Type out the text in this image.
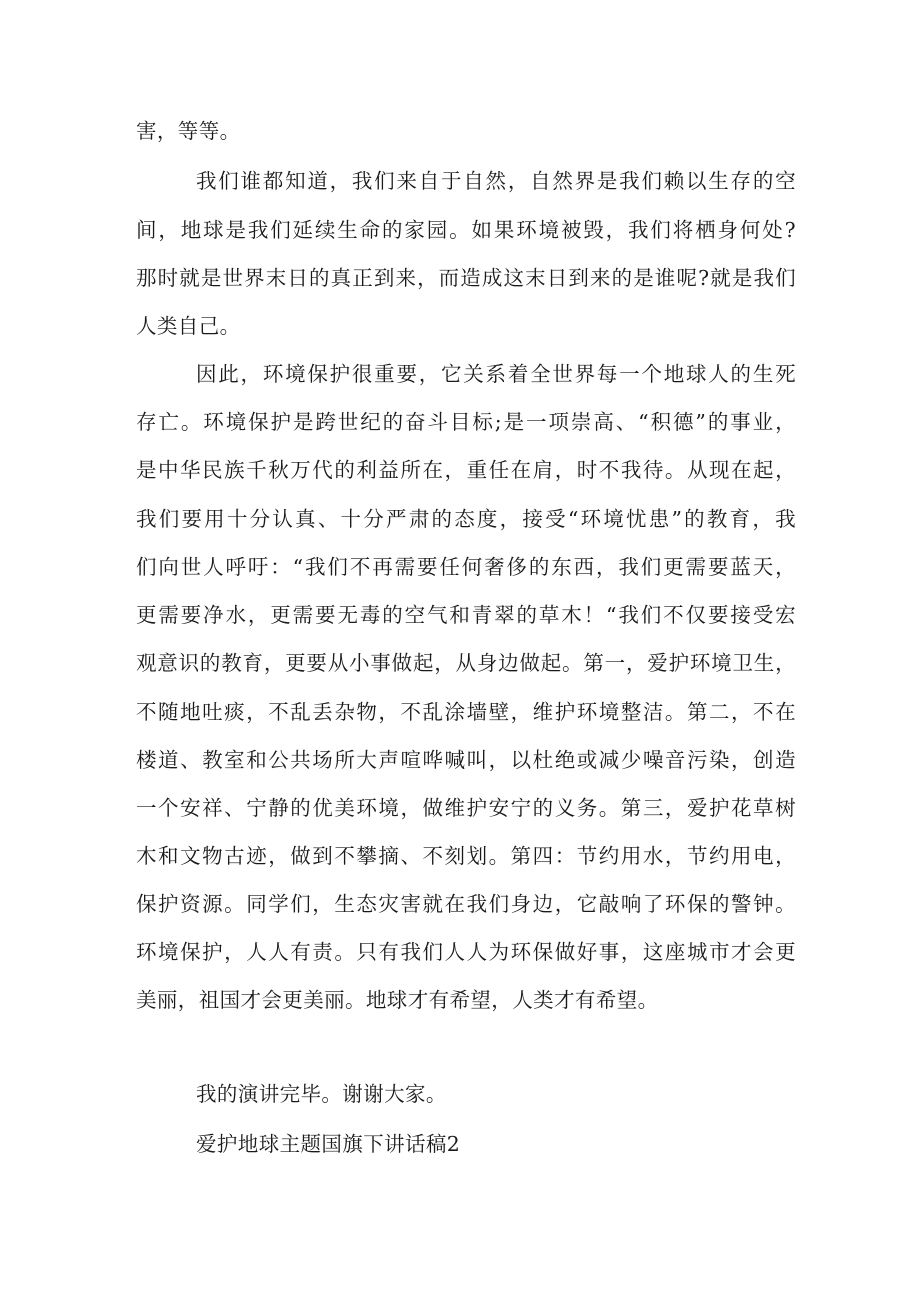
害，等等。
我们谁都知道，我们来自于自然，自然界是我们赖以生存的空
间，地球是我们延续生命的家园。如果环境被毁，我们将栖身何处?
那时就是世界末日的真正到来，而造成这末日到来的是谁呢?就是我们
人类自己。
因此，环境保护很重要，它关系着全世界每一个地球人的生死
存亡。环境保护是跨世纪的奋斗目标;是一项崇高、“积德”的事业，
是中华民族千秋万代的利益所在，重任在肩，时不我待。从现在起，
我们要用十分认真、十分严肃的态度，接受“环境忧患”的教育，我
们向世人呼吁：“我们不再需要任何奢侈的东西，我们更需要蓝天，
更需要净水，更需要无毒的空气和青翠的草木！“我们不仅要接受宏
观意识的教育，更要从小事做起，从身边做起。第一，爱护环境卫生，
不随地吐痰，不乱丢杂物，不乱涂墙壁，维护环境整洁。第二，不在
楼道、教室和公共场所大声喧哗喊叫，以杜绝或减少噪音污染，创造
一个安祥、宁静的优美环境，做维护安宁的义务。第三，爱护花草树
木和文物古迹，做到不攀摘、不刻划。第四：节约用水，节约用电，
保护资源。同学们，生态灾害就在我们身边，它敲响了环保的警钟。
环境保护，人人有责。只有我们人人为环保做好事，这座城市才会更
美丽，祖国才会更美丽。地球才有希望，人类才有希望。
我的演讲完毕。谢谢大家。
爱护地球主题国旗下讲话稿2
